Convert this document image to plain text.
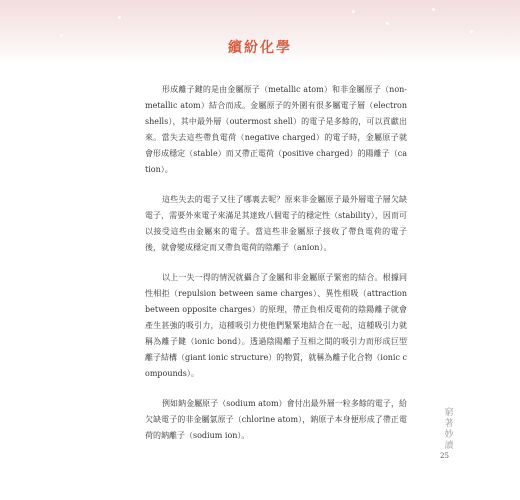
繽紛化學

形成離子鍵的是由金屬原子（metallic atom）和非金屬原子（non-metallic atom）結合而成。金屬原子的外圍有很多屬電子層（electron shells），其中最外層（outermost shell）的電子是多餘的，可以貢獻出來。當失去這些帶負電荷（negative charged）的電子時，金屬原子就會形成穩定（stable）而又帶正電荷（positive charged）的陽離子（cation）。

這些失去的電子又往了哪裏去呢？原來非金屬原子最外層電子層欠缺電子，需要外來電子來滿足其達致八個電子的穩定性（stability），因而可以接受這些由金屬來的電子。當這些非金屬原子接收了帶負電荷的電子後，就會變成穩定而又帶負電荷的陰離子（anion）。

以上一失一得的情況就攝合了金屬和非金屬原子緊密的結合。根據同性相拒（repulsion between same charges）、異性相吸（attraction between opposite charges）的原理，帶正負相反電荷的陰陽離子就會產生甚強的吸引力，這種吸引力使他們緊緊地結合在一起，這種吸引力就稱為離子鍵（ionic bond）。透過陰陽離子互相之間的吸引力而形成巨型離子結構（giant ionic structure）的物質，就稱為離子化合物（ionic compounds）。

例如鈉金屬原子（sodium atom）會付出最外層一粒多餘的電子，給欠缺電子的非金屬氯原子（chlorine atom），鈉原子本身便形成了帶正電荷的鈉離子（sodium ion）。

窮著妙讀
25
